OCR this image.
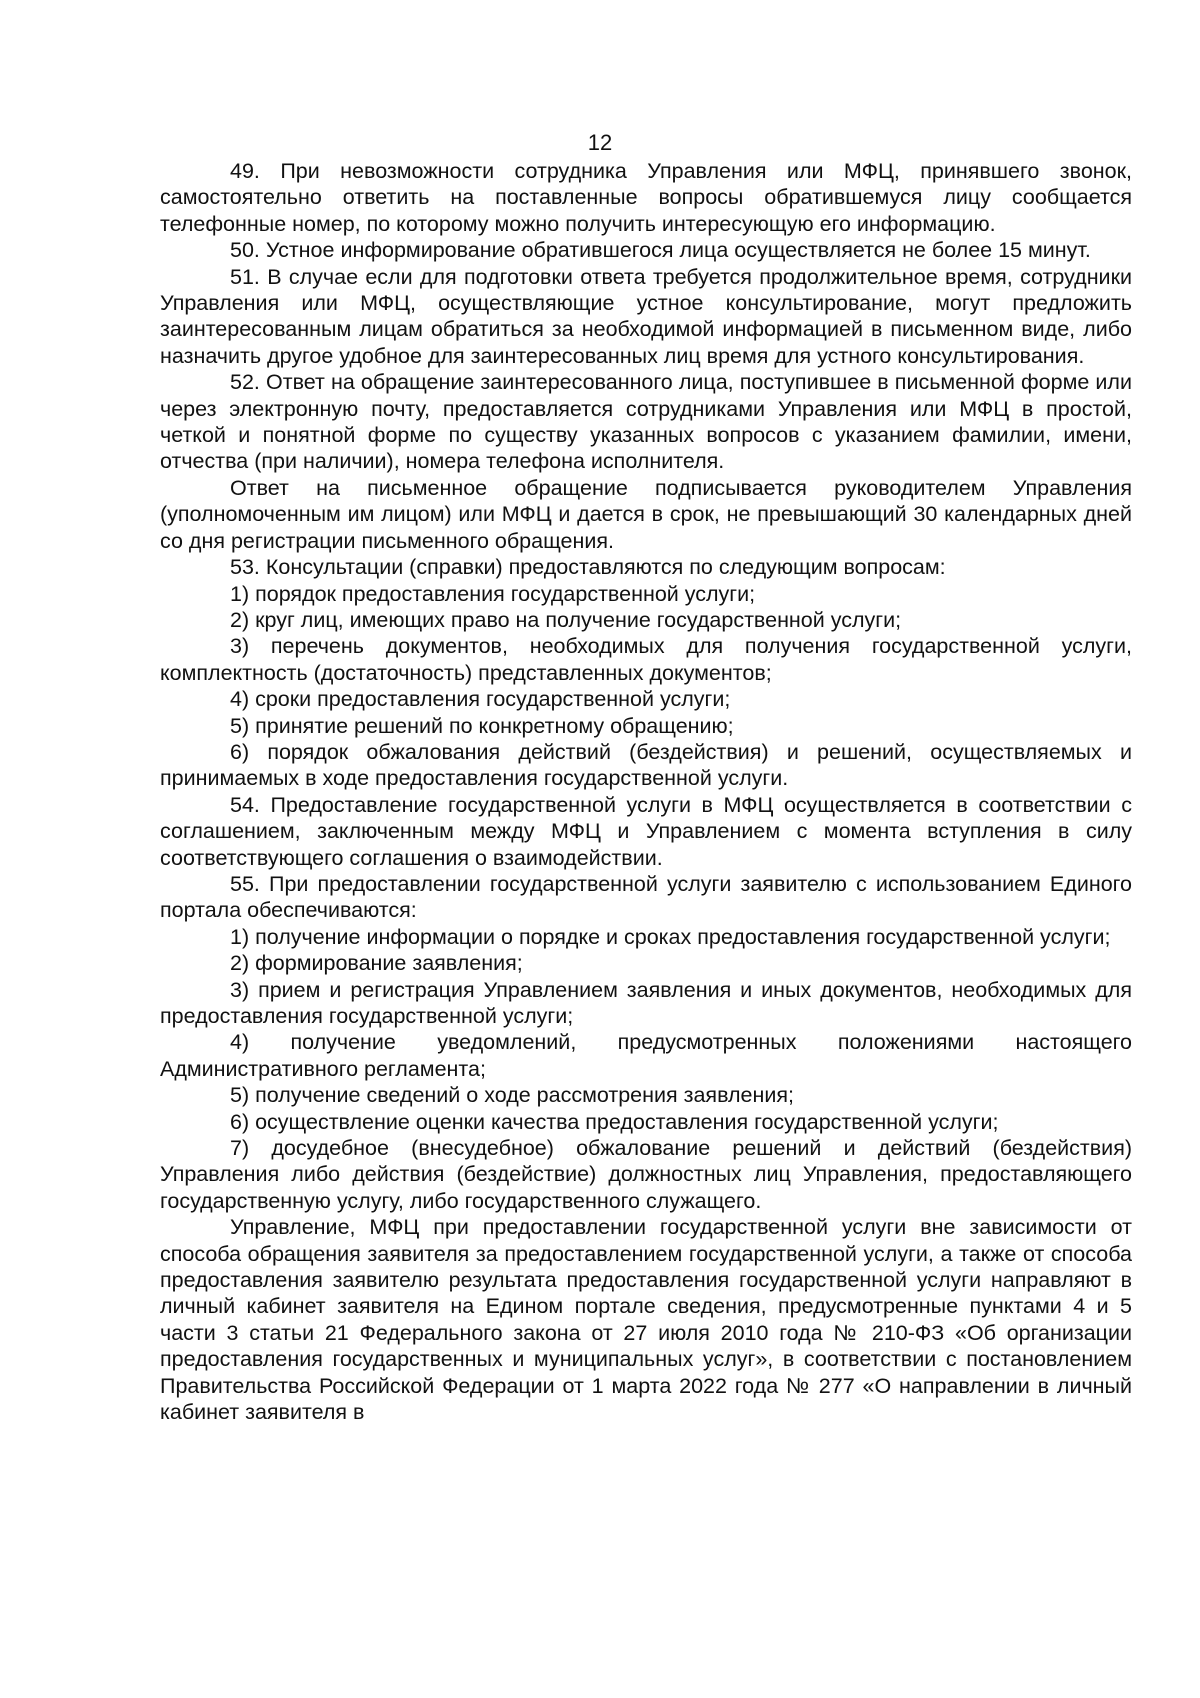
12

49. При невозможности сотрудника Управления или МФЦ, принявшего звонок, самостоятельно ответить на поставленные вопросы обратившемуся лицу сообщается телефонные номер, по которому можно получить интересующую его информацию.

50. Устное информирование обратившегося лица осуществляется не более 15 минут.

51. В случае если для подготовки ответа требуется продолжительное время, сотрудники Управления или МФЦ, осуществляющие устное консультирование, могут предложить заинтересованным лицам обратиться за необходимой информацией в письменном виде, либо назначить другое удобное для заинтересованных лиц время для устного консультирования.

52. Ответ на обращение заинтересованного лица, поступившее в письменной форме или через электронную почту, предоставляется сотрудниками Управления или МФЦ в простой, четкой и понятной форме по существу указанных вопросов с указанием фамилии, имени, отчества (при наличии), номера телефона исполнителя.

Ответ на письменное обращение подписывается руководителем Управления (уполномоченным им лицом) или МФЦ и дается в срок, не превышающий 30 календарных дней со дня регистрации письменного обращения.

53. Консультации (справки) предоставляются по следующим вопросам:

1) порядок предоставления государственной услуги;

2) круг лиц, имеющих право на получение государственной услуги;

3) перечень документов, необходимых для получения государственной услуги, комплектность (достаточность) представленных документов;

4) сроки предоставления государственной услуги;

5) принятие решений по конкретному обращению;

6) порядок обжалования действий (бездействия) и решений, осуществляемых и принимаемых в ходе предоставления государственной услуги.

54. Предоставление государственной услуги в МФЦ осуществляется в соответствии с соглашением, заключенным между МФЦ и Управлением с момента вступления в силу соответствующего соглашения о взаимодействии.

55. При предоставлении государственной услуги заявителю с использованием Единого портала обеспечиваются:

1) получение информации о порядке и сроках предоставления государственной услуги;

2) формирование заявления;

3) прием и регистрация Управлением заявления и иных документов, необходимых для предоставления государственной услуги;

4) получение уведомлений, предусмотренных положениями настоящего Административного регламента;

5) получение сведений о ходе рассмотрения заявления;

6) осуществление оценки качества предоставления государственной услуги;

7) досудебное (внесудебное) обжалование решений и действий (бездействия) Управления либо действия (бездействие) должностных лиц Управления, предоставляющего государственную услугу, либо государственного служащего.

Управление, МФЦ при предоставлении государственной услуги вне зависимости от способа обращения заявителя за предоставлением государственной услуги, а также от способа предоставления заявителю результата предоставления государственной услуги направляют в личный кабинет заявителя на Едином портале сведения, предусмотренные пунктами 4 и 5 части 3 статьи 21 Федерального закона от 27 июля 2010 года № 210-ФЗ «Об организации предоставления государственных и муниципальных услуг», в соответствии с постановлением Правительства Российской Федерации от 1 марта 2022 года № 277 «О направлении в личный кабинет заявителя в
